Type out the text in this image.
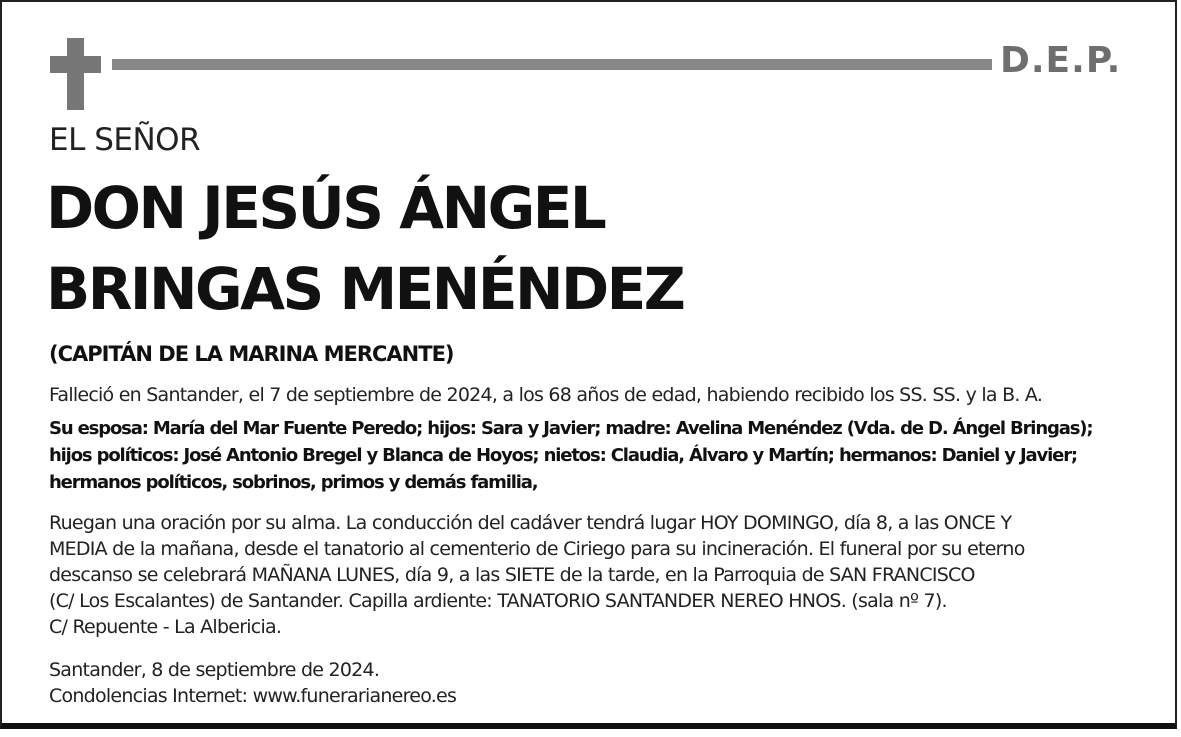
D.E.P.
EL SEÑOR
DON JESÚS ÁNGEL
BRINGAS MENÉNDEZ
(CAPITÁN DE LA MARINA MERCANTE)
Falleció en Santander, el 7 de septiembre de 2024, a los 68 años de edad, habiendo recibido los SS. SS. y la B. A.
Su esposa: María del Mar Fuente Peredo; hijos: Sara y Javier; madre: Avelina Menéndez (Vda. de D. Ángel Bringas);
hijos políticos: José Antonio Bregel y Blanca de Hoyos; nietos: Claudia, Álvaro y Martín; hermanos: Daniel y Javier;
hermanos políticos, sobrinos, primos y demás familia,
Ruegan una oración por su alma. La conducción del cadáver tendrá lugar HOY DOMINGO, día 8, a las ONCE Y
MEDIA de la mañana, desde el tanatorio al cementerio de Ciriego para su incineración. El funeral por su eterno
descanso se celebrará MAÑANA LUNES, día 9, a las SIETE de la tarde, en la Parroquia de SAN FRANCISCO
(C/ Los Escalantes) de Santander. Capilla ardiente: TANATORIO SANTANDER NEREO HNOS. (sala nº 7).
C/ Repuente - La Albericia.
Santander, 8 de septiembre de 2024.
Condolencias Internet: www.funerarianereo.es
